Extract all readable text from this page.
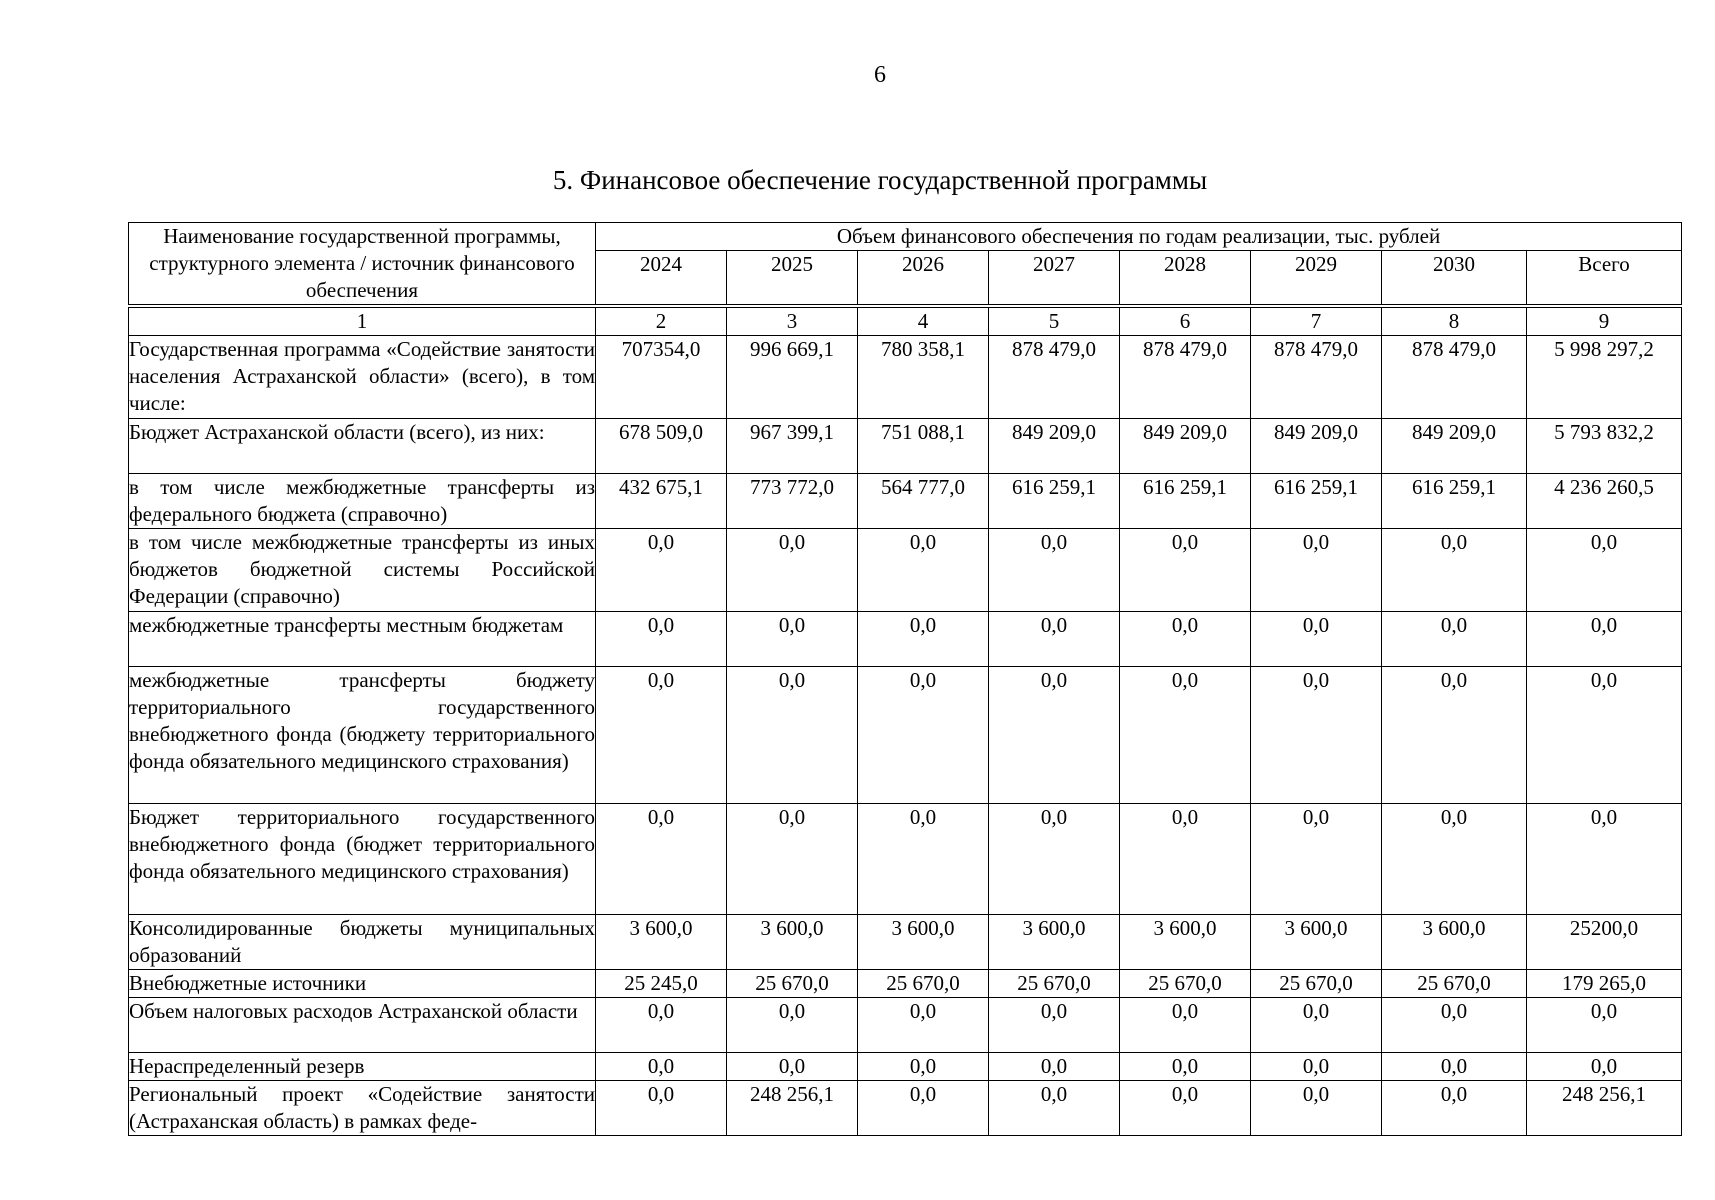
6
5. Финансовое обеспечение государственной программы
Наименование государственной программы, структурного элемента / источник финансового обеспечения	Объем финансового обеспечения по годам реализации, тыс. рублей							
	2024	2025	2026	2027	2028	2029	2030	Всего

1	2	3	4	5	6	7	8	9
Государственная программа «Содействие занятости населения Астраханской области» (всего), в том числе:	707354,0	996 669,1	780 358,1	878 479,0	878 479,0	878 479,0	878 479,0	5 998 297,2
Бюджет Астраханской области (всего), из них:	678 509,0	967 399,1	751 088,1	849 209,0	849 209,0	849 209,0	849 209,0	5 793 832,2
в том числе межбюджетные трансферты из федерального бюджета (справочно)	432 675,1	773 772,0	564 777,0	616 259,1	616 259,1	616 259,1	616 259,1	4 236 260,5
в том числе межбюджетные трансферты из иных бюджетов бюджетной системы Российской Федерации (справочно)	0,0	0,0	0,0	0,0	0,0	0,0	0,0	0,0
межбюджетные трансферты местным бюджетам	0,0	0,0	0,0	0,0	0,0	0,0	0,0	0,0
межбюджетные трансферты бюджету территориального государственного внебюджетного фонда (бюджету территориального фонда обязательного медицинского страхования)	0,0	0,0	0,0	0,0	0,0	0,0	0,0	0,0
Бюджет территориального государственного внебюджетного фонда (бюджет территориального фонда обязательного медицинского страхования)	0,0	0,0	0,0	0,0	0,0	0,0	0,0	0,0
Консолидированные бюджеты муниципальных образований	3 600,0	3 600,0	3 600,0	3 600,0	3 600,0	3 600,0	3 600,0	25200,0
Внебюджетные источники	25 245,0	25 670,0	25 670,0	25 670,0	25 670,0	25 670,0	25 670,0	179 265,0
Объем налоговых расходов Астраханской области	0,0	0,0	0,0	0,0	0,0	0,0	0,0	0,0
Нераспределенный резерв	0,0	0,0	0,0	0,0	0,0	0,0	0,0	0,0
Региональный проект «Содействие занятости (Астраханская область) в рамках феде-	0,0	248 256,1	0,0	0,0	0,0	0,0	0,0	248 256,1
